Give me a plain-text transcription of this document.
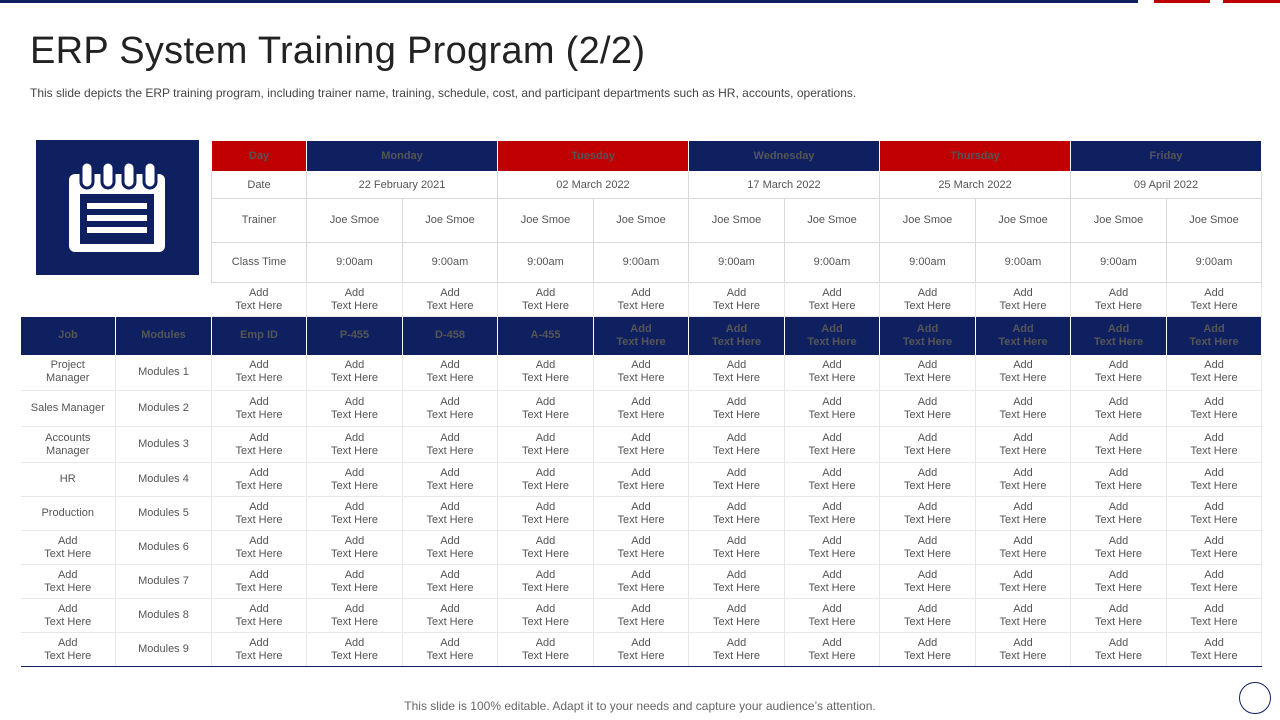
ERP System Training Program (2/2)
This slide depicts the ERP training program, including trainer name, training, schedule, cost, and participant departments such as HR, accounts, operations.
		Day	Monday		Tuesday		Wednesday		Thursday		Friday	
		Date	22 February 2021		02 March 2022		17 March 2022		25 March 2022		09 April 2022	
		Trainer	Joe Smoe	Joe Smoe	Joe Smoe	Joe Smoe	Joe Smoe	Joe Smoe	Joe Smoe	Joe Smoe	Joe Smoe	Joe Smoe
		Class Time	9:00am	9:00am	9:00am	9:00am	9:00am	9:00am	9:00am	9:00am	9:00am	9:00am
		Add
Text Here	Add
Text Here	Add
Text Here	Add
Text Here	Add
Text Here	Add
Text Here	Add
Text Here	Add
Text Here	Add
Text Here	Add
Text Here	Add
Text Here
Job	Modules	Emp ID	P-455	D-458	A-455	Add
Text Here	Add
Text Here	Add
Text Here	Add
Text Here	Add
Text Here	Add
Text Here	Add
Text Here
Project
Manager	Modules 1	Add
Text Here	Add
Text Here	Add
Text Here	Add
Text Here	Add
Text Here	Add
Text Here	Add
Text Here	Add
Text Here	Add
Text Here	Add
Text Here	Add
Text Here
Sales Manager	Modules 2	Add
Text Here	Add
Text Here	Add
Text Here	Add
Text Here	Add
Text Here	Add
Text Here	Add
Text Here	Add
Text Here	Add
Text Here	Add
Text Here	Add
Text Here
Accounts
Manager	Modules 3	Add
Text Here	Add
Text Here	Add
Text Here	Add
Text Here	Add
Text Here	Add
Text Here	Add
Text Here	Add
Text Here	Add
Text Here	Add
Text Here	Add
Text Here
HR	Modules 4	Add
Text Here	Add
Text Here	Add
Text Here	Add
Text Here	Add
Text Here	Add
Text Here	Add
Text Here	Add
Text Here	Add
Text Here	Add
Text Here	Add
Text Here
Production	Modules 5	Add
Text Here	Add
Text Here	Add
Text Here	Add
Text Here	Add
Text Here	Add
Text Here	Add
Text Here	Add
Text Here	Add
Text Here	Add
Text Here	Add
Text Here
Add
Text Here	Modules 6	Add
Text Here	Add
Text Here	Add
Text Here	Add
Text Here	Add
Text Here	Add
Text Here	Add
Text Here	Add
Text Here	Add
Text Here	Add
Text Here	Add
Text Here
Add
Text Here	Modules 7	Add
Text Here	Add
Text Here	Add
Text Here	Add
Text Here	Add
Text Here	Add
Text Here	Add
Text Here	Add
Text Here	Add
Text Here	Add
Text Here	Add
Text Here
Add
Text Here	Modules 8	Add
Text Here	Add
Text Here	Add
Text Here	Add
Text Here	Add
Text Here	Add
Text Here	Add
Text Here	Add
Text Here	Add
Text Here	Add
Text Here	Add
Text Here
Add
Text Here	Modules 9	Add
Text Here	Add
Text Here	Add
Text Here	Add
Text Here	Add
Text Here	Add
Text Here	Add
Text Here	Add
Text Here	Add
Text Here	Add
Text Here	Add
Text Here
This slide is 100% editable. Adapt it to your needs and capture your audience’s attention.
